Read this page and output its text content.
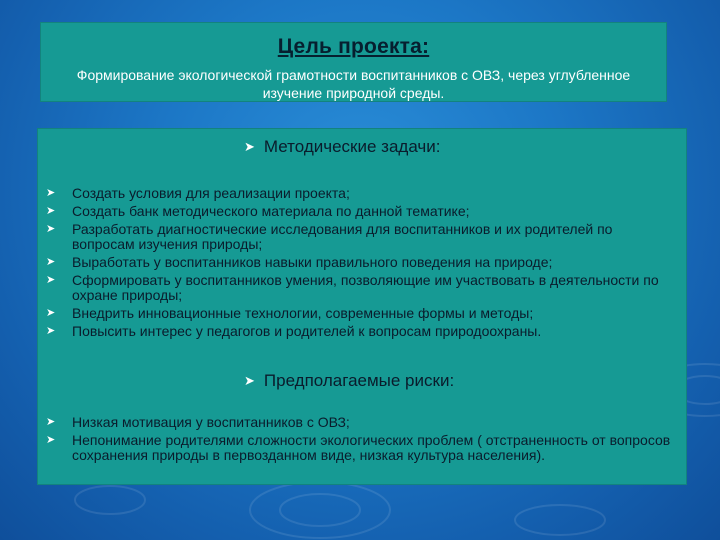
Цель проекта:
Формирование экологической грамотности воспитанников с ОВЗ, через углубленное изучение природной среды.
➤ Методические задачи:
➤ Создать условия для реализации проекта;
➤ Создать банк методического материала по данной тематике;
➤ Разработать диагностические исследования для воспитанников и их родителей по вопросам изучения природы;
➤ Выработать у воспитанников навыки правильного поведения на природе;
➤ Сформировать у воспитанников умения, позволяющие им участвовать в деятельности по охране природы;
➤ Внедрить инновационные технологии, современные формы и методы;
➤ Повысить интерес у педагогов и родителей к вопросам природоохраны.
➤ Предполагаемые риски:
➤ Низкая мотивация у воспитанников с ОВЗ;
➤ Непонимание родителями сложности экологических проблем ( отстраненность от вопросов сохранения природы в первозданном виде, низкая культура населения).
